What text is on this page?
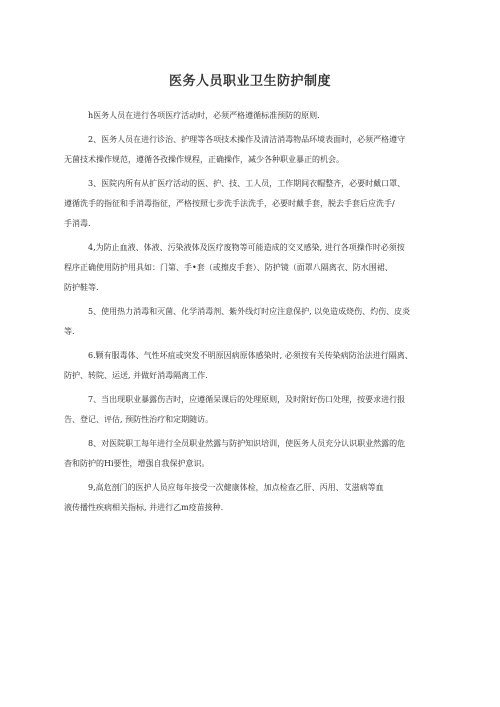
医务人员职业卫生防护制度

h医务人员在进行各项医疗活动时，必须严格遵循标准预防的原则.

2、医务人员在进行诊治、护理等各项技术操作及清洁消毒物品环境表面时，必须严格遵守
无菌技术操作规范，遵循各孜操作规程，正确操作，减少各种职业暴正的机会。

3、医院内所有从扩医疗活动的医、护、技、工人员，工作期间衣帽整齐，必要时戴口罩、
遵循洗手的指征和手消毒指征，严格按照七步洗手法洗手，必要时戴手套，脱去手套后应洗手/
手消毒.

4,为防止血液、体液、污染液体及医疗废物等可能造成的交叉感染, 进行各项操作时必须按
程序正确使用防护用具如：门第、手•套（或擦皮手套）、防护镜（面罩八隔离衣、防水围裙、
防护鞋等.

5、使用热力消毒和灭菌、化学消毒剂、紫外线灯时应注意保护, 以免造成烧伤、灼伤、皮炎
等.

6.颗有服毒体、气性坏疽或突发不明原因病原体感染时, 必须按有关传染病防治法进行隔离、
防护、转院、运送, 并做好消毒隔离工作.

7、当出现职业暴露伤吉时，应遵循呆课后的处理原则，及时附好伤口处理，按要求进行报
告、登记、评估, 预防性治疗和定期随访。

8、对医院职工每年进行全员职业然露与防护知识培训，使医务人员充分认识职业然露的危
杳和防护的Hi要性，增强自我保护意识。

9,高危剖门的医护人员应每年接受一次健康体检，加点检查乙肝、丙用、艾滋病等血
液传播性疾病相关指标, 并进行乙m疫苗接种.
